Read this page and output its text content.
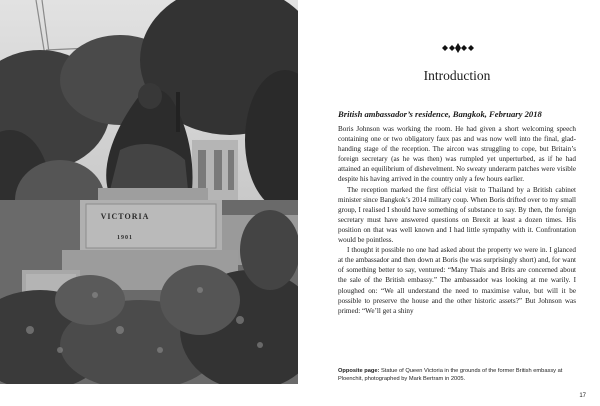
VICTORIA
1901
Introduction
British ambassador’s residence, Bangkok, February 2018

Boris Johnson was working the room. He had given a short welcoming speech containing one or two obligatory faux pas and was now well into the final, glad-handing stage of the reception. The aircon was struggling to cope, but Britain’s foreign secretary (as he was then) was rumpled yet unperturbed, as if he had attained an equilibrium of dishevelment. No sweaty underarm patches were visible despite his having arrived in the country only a few hours earlier.

The reception marked the first official visit to Thailand by a British cabinet minister since Bangkok’s 2014 military coup. When Boris drifted over to my small group, I realised I should have something of substance to say. By then, the foreign secretary must have answered questions on Brexit at least a dozen times. His position on that was well known and I had little sympathy with it. Confrontation would be pointless.

I thought it possible no one had asked about the property we were in. I glanced at the ambassador and then down at Boris (he was surprisingly short) and, for want of something better to say, ventured: “Many Thais and Brits are concerned about the sale of the British embassy.” The ambassador was looking at me warily. I ploughed on: “We all understand the need to maximise value, but will it be possible to preserve the house and the other historic assets?” But Johnson was primed: “We’ll get a shiny

Opposite page: Statue of Queen Victoria in the grounds of the former British embassy at Ploenchit, photographed by Mark Bertram in 2005.
17
